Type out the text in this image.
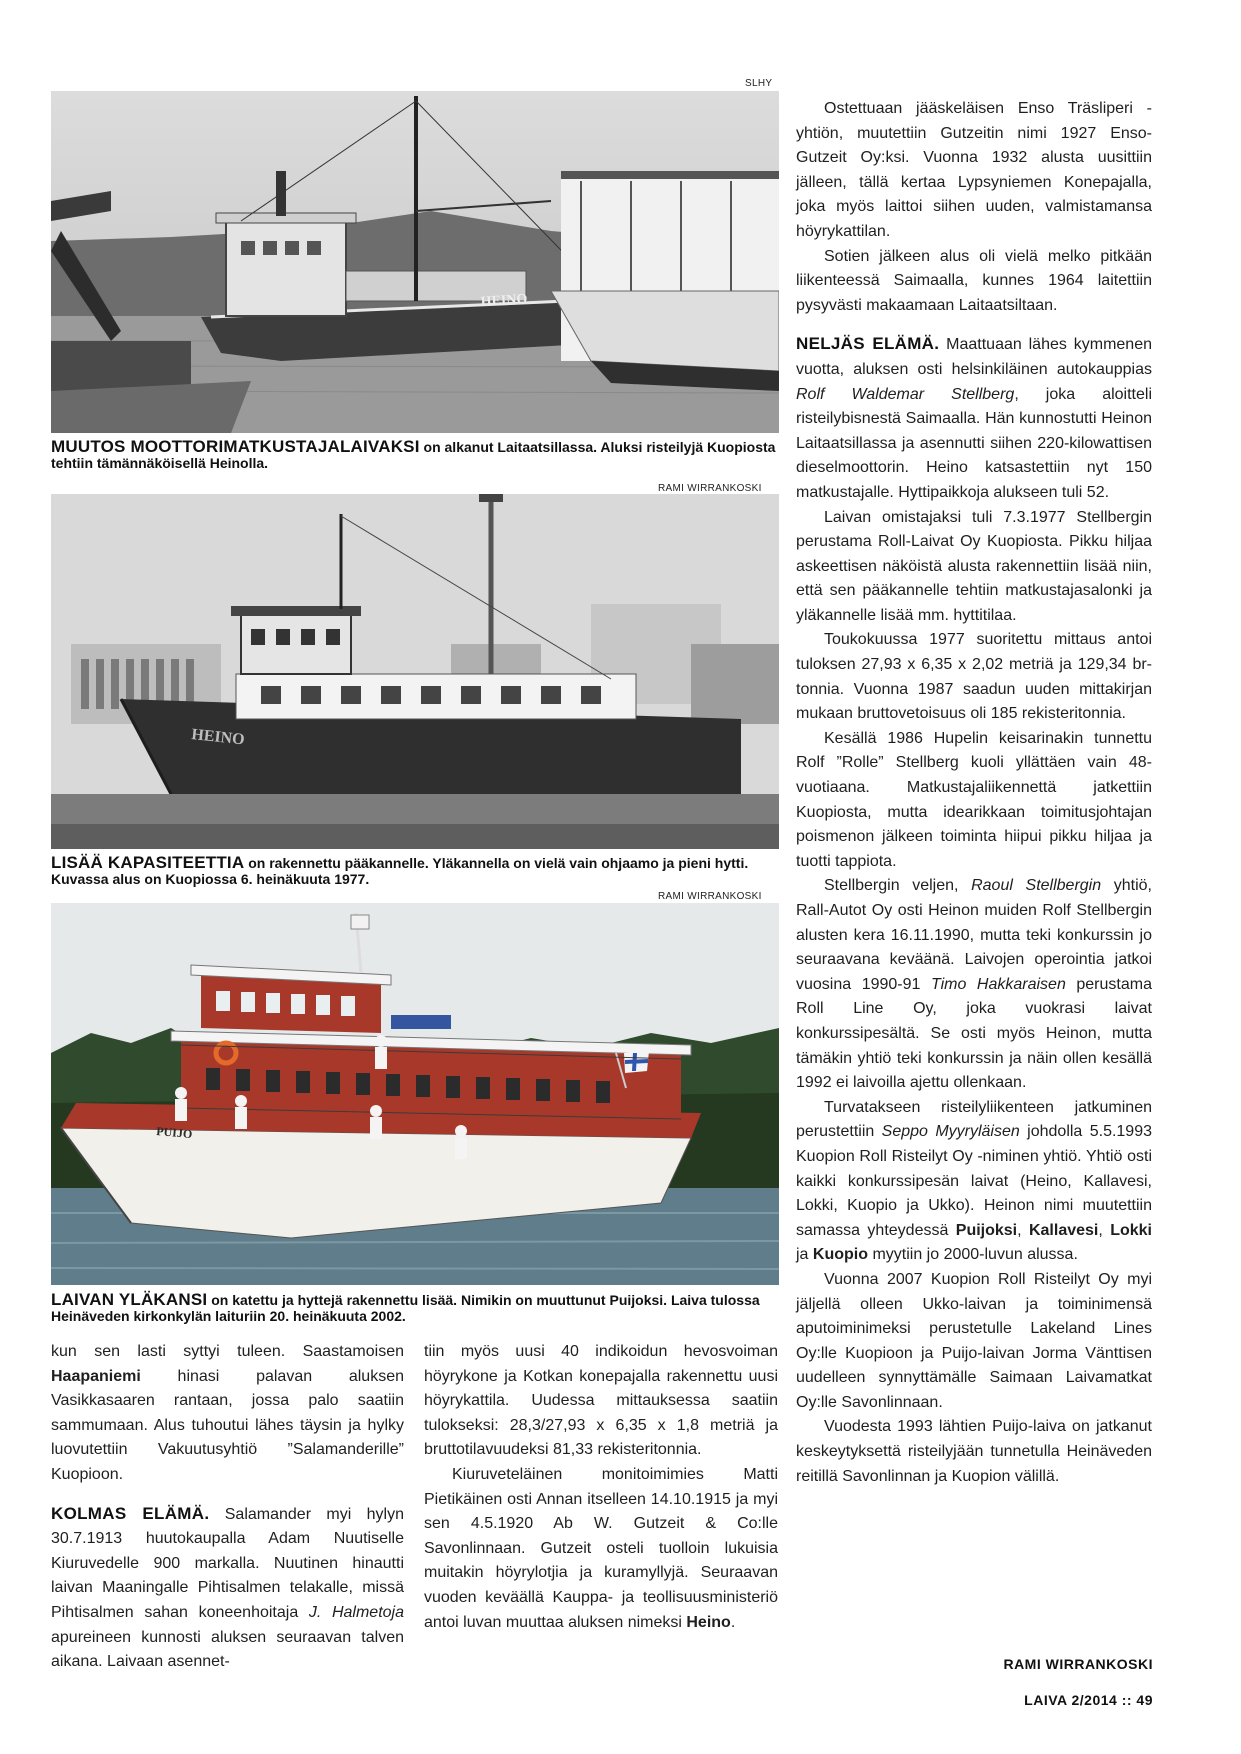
SLHY
HEINO
MUUTOS MOOTTORIMATKUSTAJALAIVAKSI on alkanut Laitaatsillassa. Aluksi risteilyjä Kuopiosta tehtiin tämännäköisellä Heinolla.
RAMI WIRRANKOSKI
HEINO
LISÄÄ KAPASITEETTIA on rakennettu pääkannelle. Yläkannella on vielä vain ohjaamo ja pieni hytti. Kuvassa alus on Kuopiossa 6. heinäkuuta 1977.
RAMI WIRRANKOSKI
PUIJO
LAIVAN YLÄKANSI on katettu ja hyttejä rakennettu lisää. Nimikin on muuttunut Puijoksi. Laiva tulossa Heinäveden kirkonkylän laituriin 20. heinäkuuta 2002.

kun sen lasti syttyi tuleen. Saastamoisen Haapaniemi hinasi palavan aluksen Vasikkasaaren rantaan, jossa palo saatiin sammumaan. Alus tuhoutui lähes täysin ja hylky luovutettiin Vakuutusyhtiö ”Salamanderille” Kuopioon.

KOLMAS ELÄMÄ. Salamander myi hylyn 30.7.1913 huutokaupalla Adam Nuutiselle Kiuruvedelle 900 markalla. Nuutinen hinautti laivan Maaningalle Pihtisalmen telakalle, missä Pihtisalmen sahan koneenhoitaja J. Halmetoja apureineen kunnosti aluksen seuraavan talven aikana. Laivaan asennet-

tiin myös uusi 40 indikoidun hevosvoiman höyrykone ja Kotkan konepajalla rakennettu uusi höyrykattila. Uudessa mittauksessa saatiin tulokseksi: 28,3/27,93 x 6,35 x 1,8 metriä ja bruttotilavuudeksi 81,33 rekisteritonnia.

Kiuruveteläinen monitoimimies Matti Pietikäinen osti Annan itselleen 14.10.1915 ja myi sen 4.5.1920 Ab W. Gutzeit & Co:lle Savonlinnaan. Gutzeit osteli tuolloin lukuisia muitakin höyrylotjia ja kuramyllyjä. Seuraavan vuoden keväällä Kauppa- ja teollisuusministeriö antoi luvan muuttaa aluksen nimeksi Heino.

Ostettuaan jääskeläisen Enso Träsliperi -yhtiön, muutettiin Gutzeitin nimi 1927 Enso-Gutzeit Oy:ksi. Vuonna 1932 alusta uusittiin jälleen, tällä kertaa Lypsyniemen Konepajalla, joka myös laittoi siihen uuden, valmistamansa höyrykattilan.

Sotien jälkeen alus oli vielä melko pitkään liikenteessä Saimaalla, kunnes 1964 laitettiin pysyvästi makaamaan Laitaatsiltaan.

NELJÄS ELÄMÄ. Maattuaan lähes kymmenen vuotta, aluksen osti helsinkiläinen autokauppias Rolf Waldemar Stellberg, joka aloitteli risteilybisnestä Saimaalla. Hän kunnostutti Heinon Laitaatsillassa ja asennutti siihen 220-kilowattisen dieselmoottorin. Heino katsastettiin nyt 150 matkustajalle. Hyttipaikkoja alukseen tuli 52.

Laivan omistajaksi tuli 7.3.1977 Stellbergin perustama Roll-Laivat Oy Kuopiosta. Pikku hiljaa askeettisen näköistä alusta rakennettiin lisää niin, että sen pääkannelle tehtiin matkustajasalonki ja yläkannelle lisää mm. hyttitilaa.

Toukokuussa 1977 suoritettu mittaus antoi tuloksen 27,93 x 6,35 x 2,02 metriä ja 129,34 br-tonnia. Vuonna 1987 saadun uuden mittakirjan mukaan bruttovetoisuus oli 185 rekisteritonnia.

Kesällä 1986 Hupelin keisarinakin tunnettu Rolf ”Rolle” Stellberg kuoli yllättäen vain 48-vuotiaana. Matkustajaliikennettä jatkettiin Kuopiosta, mutta idearikkaan toimitusjohtajan poismenon jälkeen toiminta hiipui pikku hiljaa ja tuotti tappiota.

Stellbergin veljen, Raoul Stellbergin yhtiö, Rall-Autot Oy osti Heinon muiden Rolf Stellbergin alusten kera 16.11.1990, mutta teki konkurssin jo seuraavana keväänä. Laivojen operointia jatkoi vuosina 1990-91 Timo Hakkaraisen perustama Roll Line Oy, joka vuokrasi laivat konkurssipesältä. Se osti myös Heinon, mutta tämäkin yhtiö teki konkurssin ja näin ollen kesällä 1992 ei laivoilla ajettu ollenkaan.

Turvatakseen risteilyliikenteen jatkuminen perustettiin Seppo Myyryläisen johdolla 5.5.1993 Kuopion Roll Risteilyt Oy -niminen yhtiö. Yhtiö osti kaikki konkurssipesän laivat (Heino, Kallavesi, Lokki, Kuopio ja Ukko). Heinon nimi muutettiin samassa yhteydessä Puijoksi, Kallavesi, Lokki ja Kuopio myytiin jo 2000-luvun alussa.

Vuonna 2007 Kuopion Roll Risteilyt Oy myi jäljellä olleen Ukko-laivan ja toiminimensä aputoiminimeksi perustetulle Lakeland Lines Oy:lle Kuopioon ja Puijo-laivan Jorma Vänttisen uudelleen synnyttämälle Saimaan Laivamatkat Oy:lle Savonlinnaan.

Vuodesta 1993 lähtien Puijo-laiva on jatkanut keskeytyksettä risteilyjään tunnetulla Heinäveden reitillä Savonlinnan ja Kuopion välillä.

RAMI WIRRANKOSKI
LAIVA 2/2014 :: 49
